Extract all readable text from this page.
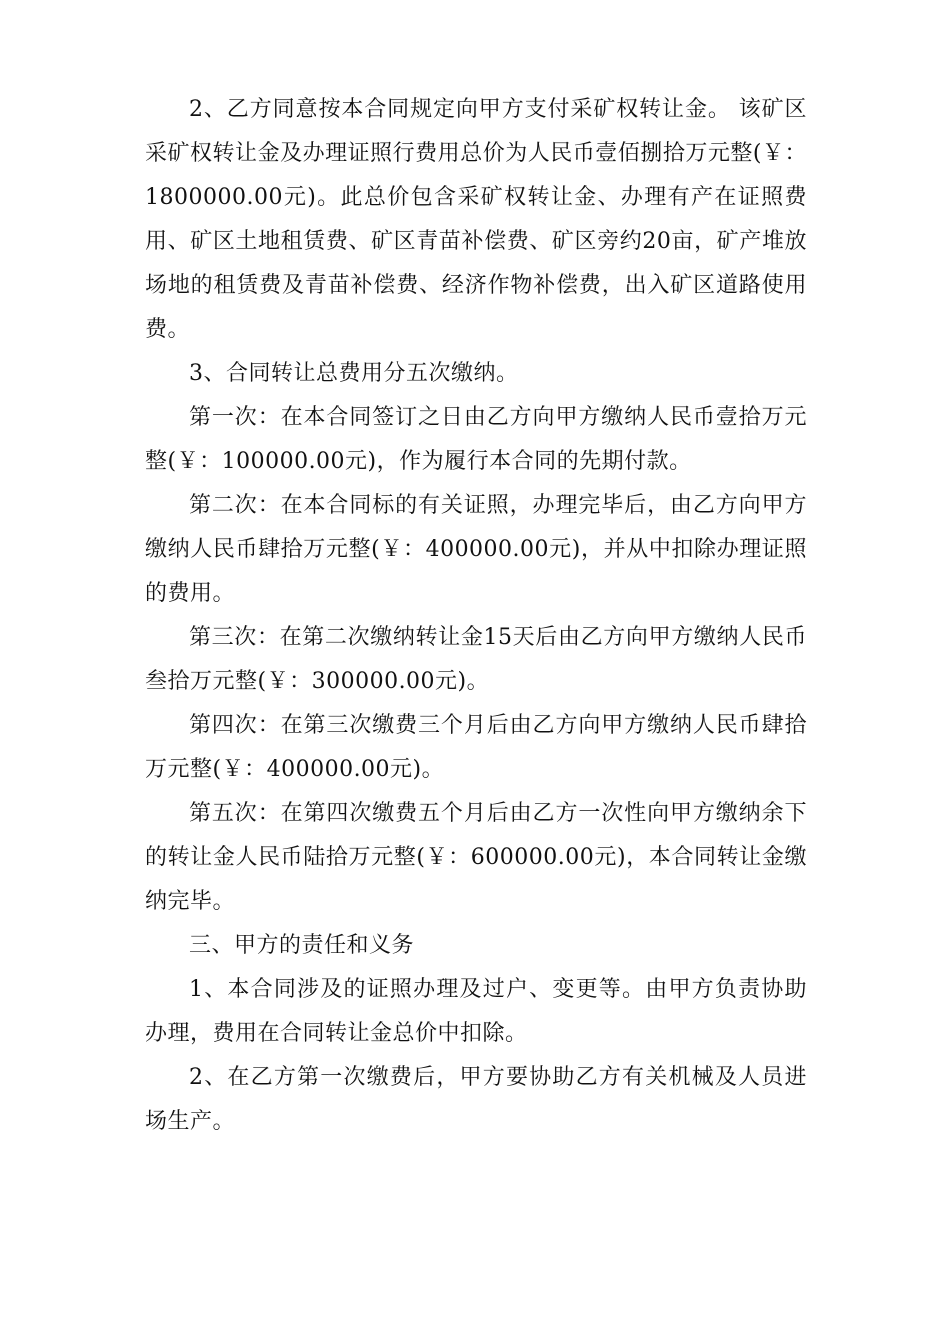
2、乙方同意按本合同规定向甲方支付采矿权转让金。 该矿区采矿权转让金及办理证照行费用总价为人民币壹佰捌拾万元整(￥：1800000.00元)。此总价包含采矿权转让金、办理有产在证照费用、矿区土地租赁费、矿区青苗补偿费、矿区旁约20亩，矿产堆放场地的租赁费及青苗补偿费、经济作物补偿费，出入矿区道路使用费。

3、合同转让总费用分五次缴纳。

第一次：在本合同签订之日由乙方向甲方缴纳人民币壹拾万元整(￥：100000.00元)，作为履行本合同的先期付款。

第二次：在本合同标的有关证照，办理完毕后，由乙方向甲方缴纳人民币肆拾万元整(￥：400000.00元)，并从中扣除办理证照的费用。

第三次：在第二次缴纳转让金15天后由乙方向甲方缴纳人民币叁拾万元整(￥：300000.00元)。

第四次：在第三次缴费三个月后由乙方向甲方缴纳人民币肆拾万元整(￥：400000.00元)。

第五次：在第四次缴费五个月后由乙方一次性向甲方缴纳余下的转让金人民币陆拾万元整(￥：600000.00元)，本合同转让金缴纳完毕。

三、甲方的责任和义务

1、本合同涉及的证照办理及过户、变更等。由甲方负责协助办理，费用在合同转让金总价中扣除。

2、在乙方第一次缴费后，甲方要协助乙方有关机械及人员进场生产。
